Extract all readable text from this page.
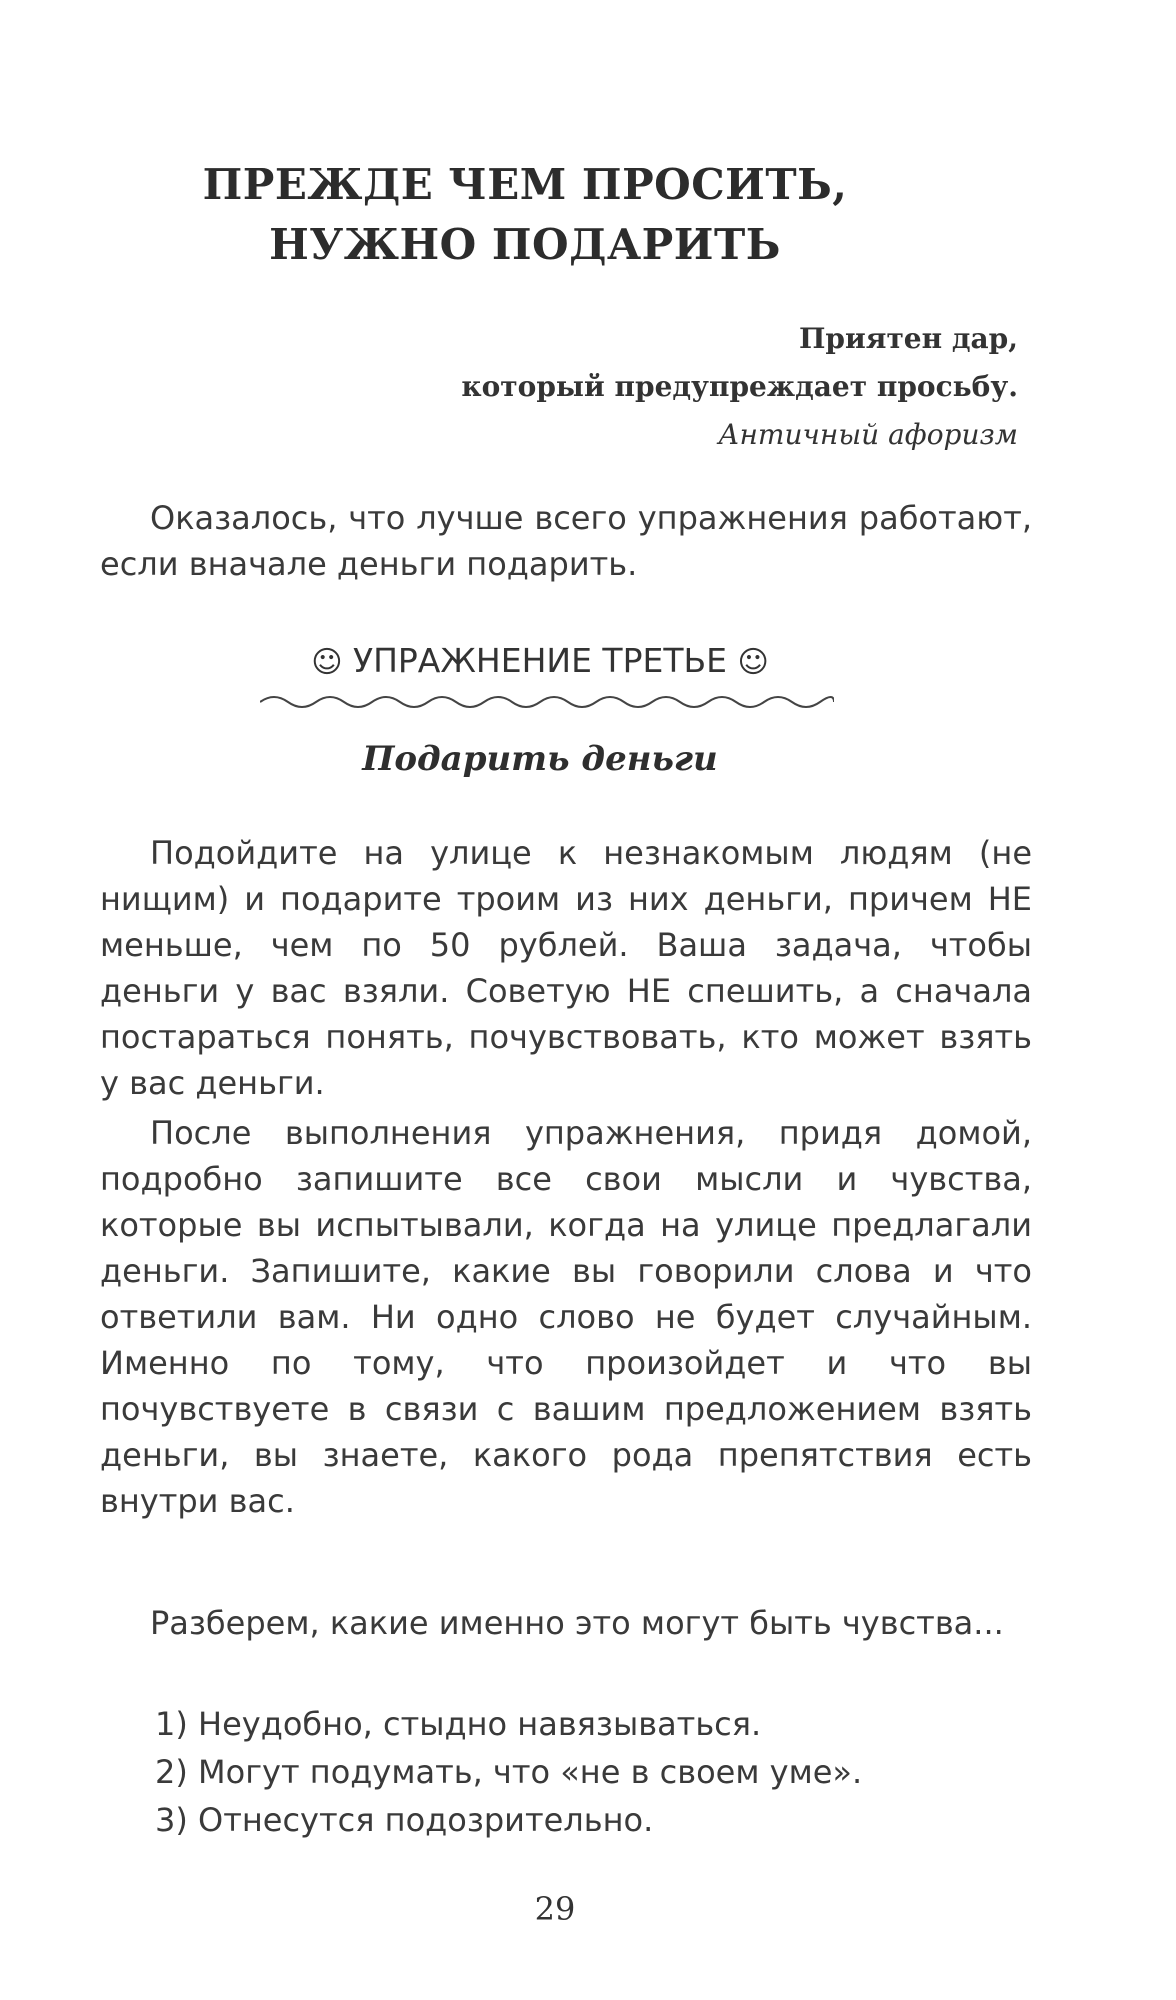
ПРЕЖДЕ ЧЕМ ПРОСИТЬ,
НУЖНО ПОДАРИТЬ
Приятен дар,
который предупреждает просьбу.
Античный афоризм

Оказалось, что лучше всего упражнения работают, если вначале деньги подарить.

☺ УПРАЖНЕНИЕ ТРЕТЬЕ ☺
Подарить деньги

Подойдите на улице к незнакомым людям (не нищим) и подарите троим из них деньги, причем НЕ меньше, чем по 50 рублей. Ваша задача, чтобы деньги у вас взяли. Советую НЕ спешить, а сначала постараться понять, почувствовать, кто может взять у вас деньги.

После выполнения упражнения, придя домой, подробно запишите все свои мысли и чувства, которые вы испытывали, когда на улице предлагали деньги. Запишите, какие вы говорили слова и что ответили вам. Ни одно слово не будет случайным. Именно по тому, что произойдет и что вы почувствуете в связи с вашим предложением взять деньги, вы знаете, какого рода препятствия есть внутри вас.

Разберем, какие именно это могут быть чувства...

1) Неудобно, стыдно навязываться.
2) Могут подумать, что «не в своем уме».
3) Отнесутся подозрительно.
29
